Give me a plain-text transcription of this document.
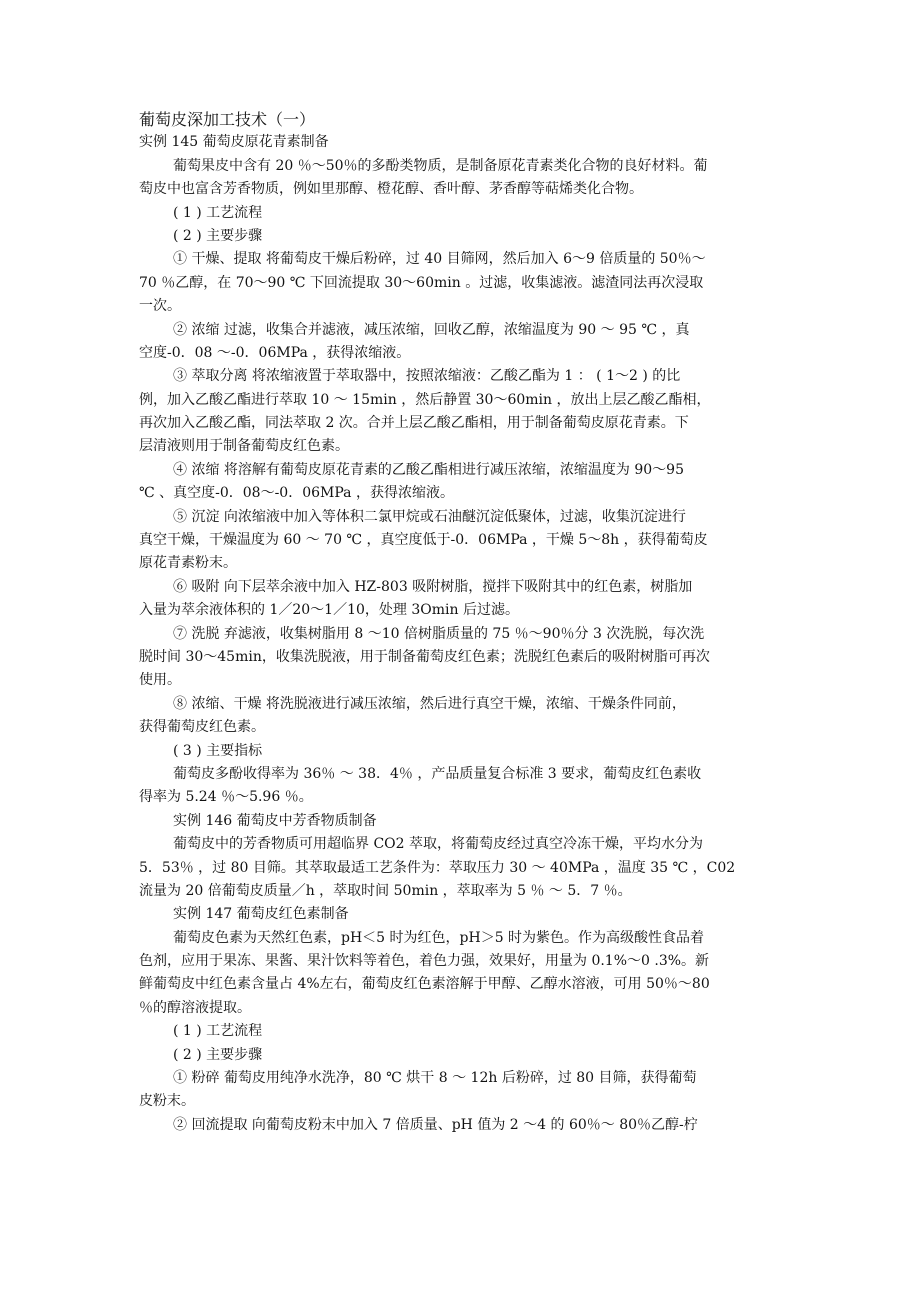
葡萄皮深加工技术（一）
实例 145 葡萄皮原花青素制备
葡萄果皮中含有 20 ％～50％的多酚类物质，是制备原花青素类化合物的良好材料。葡
萄皮中也富含芳香物质，例如里那醇、橙花醇、香叶醇、茅香醇等萜烯类化合物。
( 1 ) 工艺流程
( 2 ) 主要步骤
① 干燥、提取 将葡萄皮干燥后粉碎，过 40 目筛网，然后加入 6～9 倍质量的 50％～
70 ％乙醇，在 70～90 ℃ 下回流提取 30～60min 。过滤，收集滤液。滤渣同法再次浸取
一次。
② 浓缩 过滤，收集合并滤液，减压浓缩，回收乙醇，浓缩温度为 90 ～ 95 ℃ ，真
空度-0．08 ～-0．06MPa ，获得浓缩液。
③ 萃取分离 将浓缩液置于萃取器中，按照浓缩液：乙酸乙酯为 1 ： ( 1～2 ) 的比
例，加入乙酸乙酯进行萃取 10 ～ 15min ，然后静置 30～60min ，放出上层乙酸乙酯相，
再次加入乙酸乙酯，同法萃取 2 次。合并上层乙酸乙酯相，用于制备葡萄皮原花青素。下
层清液则用于制备葡萄皮红色素。
④ 浓缩 将溶解有葡萄皮原花青素的乙酸乙酯相进行减压浓缩，浓缩温度为 90～95
℃ 、真空度-0．08～-0．06MPa ，获得浓缩液。
⑤ 沉淀 向浓缩液中加入等体积二氯甲烷或石油醚沉淀低聚体，过滤，收集沉淀进行
真空干燥，干燥温度为 60 ～ 70 ℃ ，真空度低于-0．06MPa ，干燥 5～8h ，获得葡萄皮
原花青素粉末。
⑥ 吸附 向下层萃余液中加入 HZ-803 吸附树脂，搅拌下吸附其中的红色素，树脂加
入量为萃余液体积的 1／20～1／10，处理 3Omin 后过滤。
⑦ 洗脱 弃滤液，收集树脂用 8 ～10 倍树脂质量的 75 ％～90％分 3 次洗脱，每次洗
脱时间 30～45min，收集洗脱液，用于制备葡萄皮红色素；洗脱红色素后的吸附树脂可再次
使用。
⑧ 浓缩、干燥 将洗脱液进行减压浓缩，然后进行真空干燥，浓缩、干燥条件同前，
获得葡萄皮红色素。
( 3 ) 主要指标
葡萄皮多酚收得率为 36％ ～ 38．4％ ，产品质量复合标准 3 要求，葡萄皮红色素收
得率为 5.24 ％～5.96 ％。
实例 146 葡萄皮中芳香物质制备
葡萄皮中的芳香物质可用超临界 CO2 萃取，将葡萄皮经过真空冷冻干燥，平均水分为
5．53％ ，过 80 目筛。其萃取最适工艺条件为：萃取压力 30 ～ 40MPa ，温度 35 ℃ ，C02
流量为 20 倍葡萄皮质量／h ，萃取时间 50min ，萃取率为 5 ％ ～ 5．7 ％。
实例 147 葡萄皮红色素制备
葡萄皮色素为天然红色素，pH＜5 时为红色，pH＞5 时为紫色。作为高级酸性食品着
色剂，应用于果冻、果酱、果汁饮料等着色，着色力强，效果好，用量为 0.1%～0 .3%。新
鲜葡萄皮中红色素含量占 4%左右，葡萄皮红色素溶解于甲醇、乙醇水溶液，可用 50％～80
％的醇溶液提取。
( 1 ) 工艺流程
( 2 ) 主要步骤
① 粉碎 葡萄皮用纯净水洗净，80 ℃ 烘干 8 ～ 12h 后粉碎，过 80 目筛，获得葡萄
皮粉末。
② 回流提取 向葡萄皮粉末中加入 7 倍质量、pH 值为 2 ～4 的 60％～ 80％乙醇-柠
